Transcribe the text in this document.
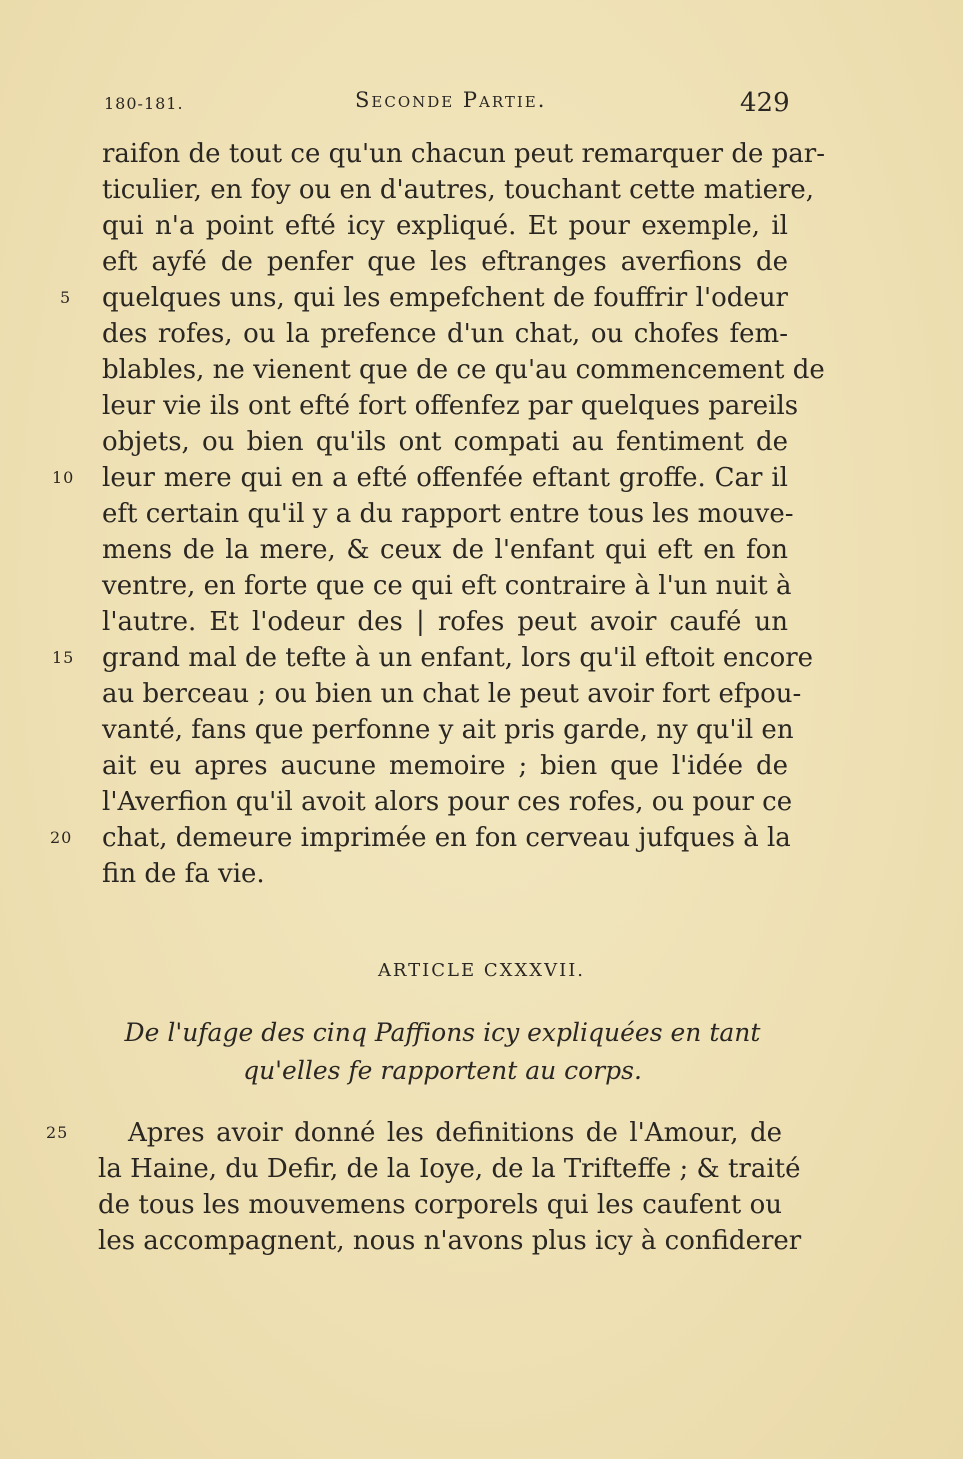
180-181.	Seconde Partie.	429
raifon de tout ce qu'un chacun peut remarquer de par-
ticulier, en foy ou en d'autres, touchant cette matiere,
qui n'a point efté icy expliqué. Et pour exemple, il
eft ayfé de penfer que les eftranges averfions de
quelques uns, qui les empefchent de fouffrir l'odeur
des rofes, ou la prefence d'un chat, ou chofes fem-
blables, ne vienent que de ce qu'au commencement de
leur vie ils ont efté fort offenfez par quelques pareils
objets, ou bien qu'ils ont compati au fentiment de
leur mere qui en a efté offenfée eftant groffe. Car il
eft certain qu'il y a du rapport entre tous les mouve-
mens de la mere, & ceux de l'enfant qui eft en fon
ventre, en forte que ce qui eft contraire à l'un nuit à
l'autre. Et l'odeur des | rofes peut avoir caufé un
grand mal de tefte à un enfant, lors qu'il eftoit encore
au berceau ; ou bien un chat le peut avoir fort efpou-
vanté, fans que perfonne y ait pris garde, ny qu'il en
ait eu apres aucune memoire ; bien que l'idée de
l'Averfion qu'il avoit alors pour ces rofes, ou pour ce
chat, demeure imprimée en fon cerveau jufques à la
fin de fa vie.
5
10
15
20
25
ARTICLE CXXXVII.
De l'ufage des cinq Paffions icy expliquées en tant
qu'elles fe rapportent au corps.
Apres avoir donné les definitions de l'Amour, de
la Haine, du Defir, de la Ioye, de la Trifteffe ; & traité
de tous les mouvemens corporels qui les caufent ou
les accompagnent, nous n'avons plus icy à confiderer
